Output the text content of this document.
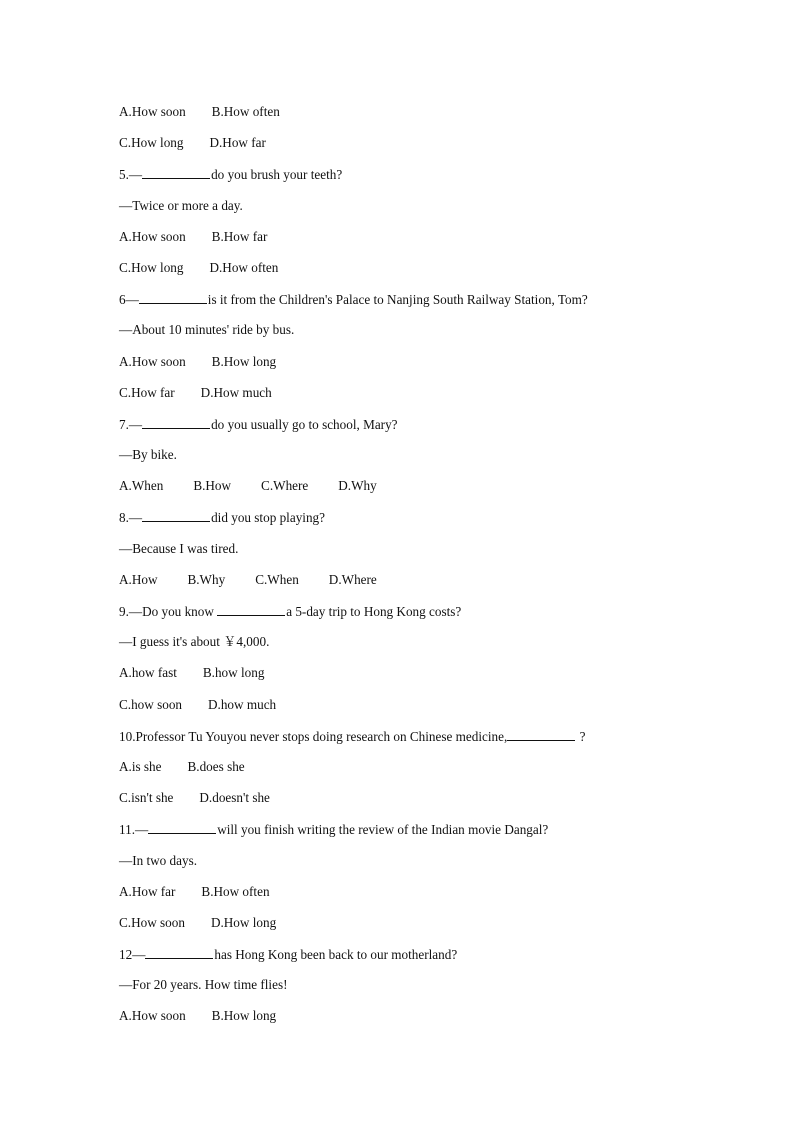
A.How soon B.How often
C.How long D.How far
5.—	do you brush your teeth?
—Twice or more a day.
A.How soon B.How far
C.How long D.How often
6—	is it from the Children's Palace to Nanjing South Railway Station, Tom?
—About 10 minutes' ride by bus.
A.How soon B.How long
C.How far D.How much
7.—	do you usually go to school, Mary?
—By bike.
A.When B.How C.Where D.Why
8.—	did you stop playing?
—Because I was tired.
A.How B.Why C.When D.Where
9.—Do you know	a 5-day trip to Hong Kong costs?
—I guess it's about ￥4,000.
A.how fast B.how long
C.how soon D.how much
10.Professor Tu Youyou never stops doing research on Chinese medicine,	?
A.is she B.does she
C.isn't she D.doesn't she
11.—	will you finish writing the review of the Indian movie Dangal?
—In two days.
A.How far B.How often
C.How soon D.How long
12—	has Hong Kong been back to our motherland?
—For 20 years. How time flies!
A.How soon B.How long
